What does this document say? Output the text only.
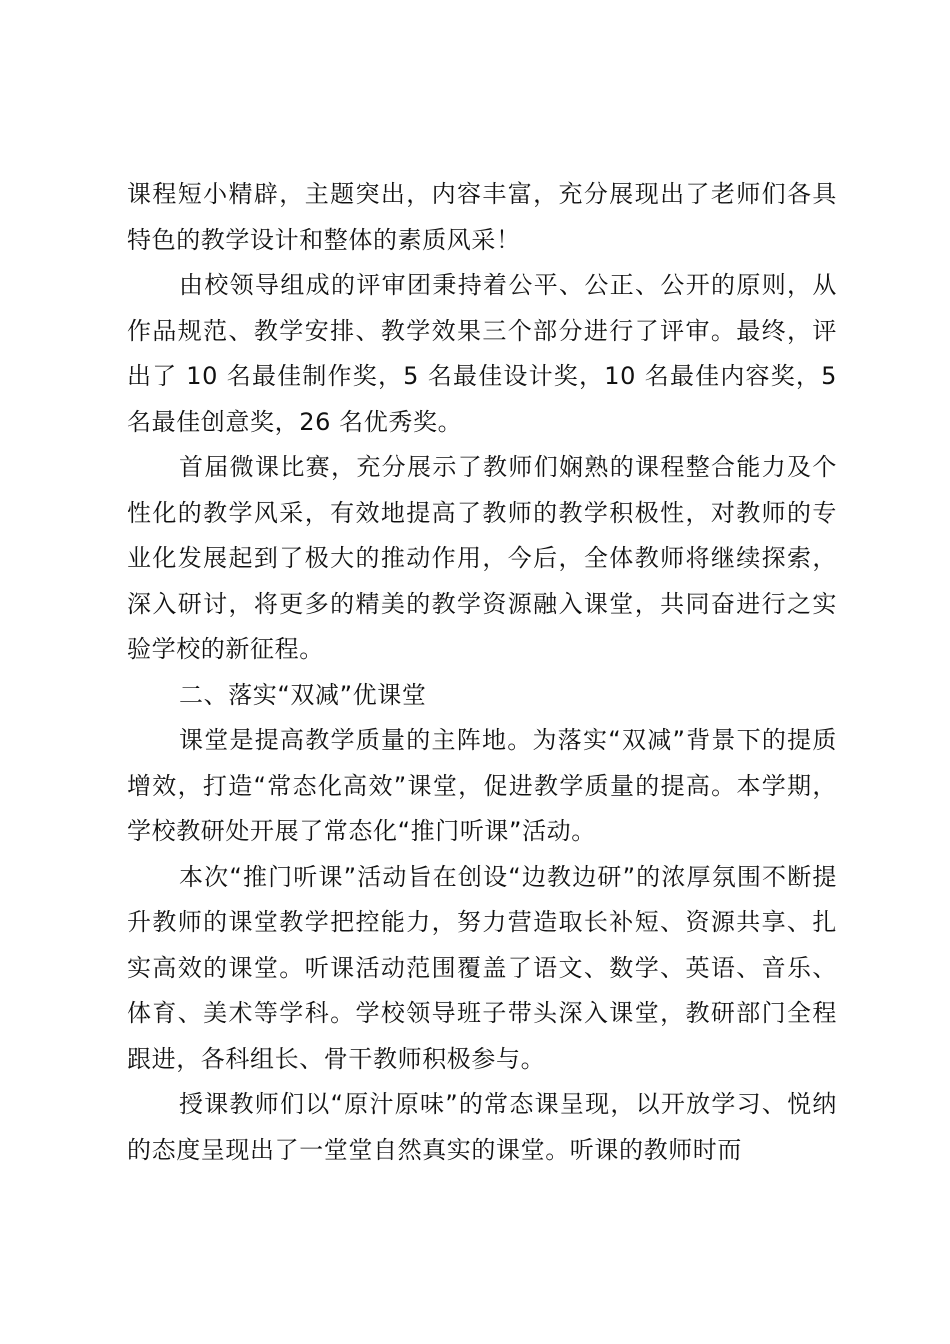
课程短小精辟，主题突出，内容丰富，充分展现出了老师们各具特色的教学设计和整体的素质风采！

由校领导组成的评审团秉持着公平、公正、公开的原则，从作品规范、教学安排、教学效果三个部分进行了评审。最终，评出了 10 名最佳制作奖，5 名最佳设计奖，10 名最佳内容奖，5 名最佳创意奖，26 名优秀奖。

首届微课比赛，充分展示了教师们娴熟的课程整合能力及个性化的教学风采，有效地提高了教师的教学积极性，对教师的专业化发展起到了极大的推动作用，今后，全体教师将继续探索，深入研讨，将更多的精美的教学资源融入课堂，共同奋进行之实验学校的新征程。

二、落实“双减”优课堂

课堂是提高教学质量的主阵地。为落实“双减”背景下的提质增效，打造“常态化高效”课堂，促进教学质量的提高。本学期，学校教研处开展了常态化“推门听课”活动。

本次“推门听课”活动旨在创设“边教边研”的浓厚氛围不断提升教师的课堂教学把控能力，努力营造取长补短、资源共享、扎实高效的课堂。听课活动范围覆盖了语文、数学、英语、音乐、体育、美术等学科。学校领导班子带头深入课堂，教研部门全程跟进，各科组长、骨干教师积极参与。

授课教师们以“原汁原味”的常态课呈现，以开放学习、悦纳的态度呈现出了一堂堂自然真实的课堂。听课的教师时而
